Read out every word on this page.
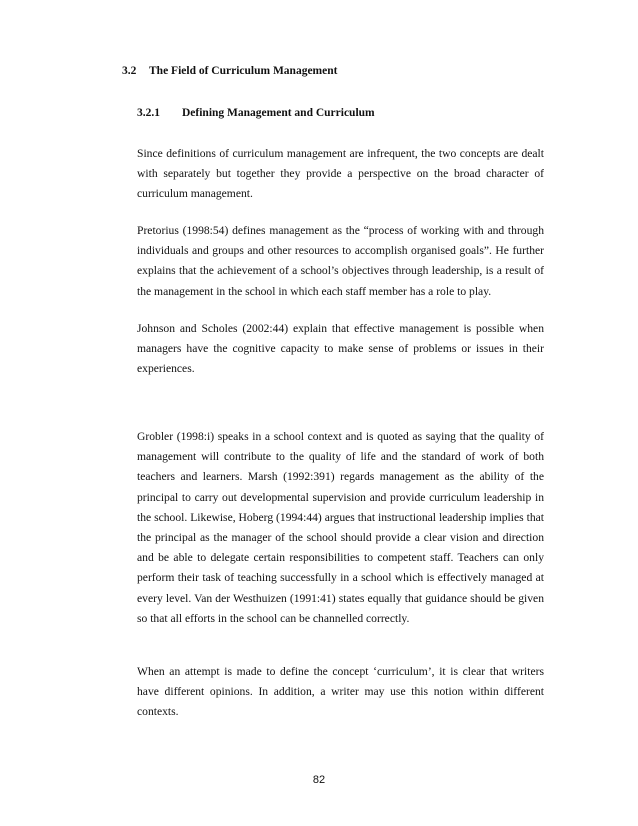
3.2 The Field of Curriculum Management
3.2.1 Defining Management and Curriculum

Since definitions of curriculum management are infrequent, the two concepts are dealt with separately but together they provide a perspective on the broad character of curriculum management.

Pretorius (1998:54) defines management as the “process of working with and through individuals and groups and other resources to accomplish organised goals”. He further explains that the achievement of a school’s objectives through leadership, is a result of the management in the school in which each staff member has a role to play.

Johnson and Scholes (2002:44) explain that effective management is possible when managers have the cognitive capacity to make sense of problems or issues in their experiences.

Grobler (1998:i) speaks in a school context and is quoted as saying that the quality of management will contribute to the quality of life and the standard of work of both teachers and learners. Marsh (1992:391) regards management as the ability of the principal to carry out developmental supervision and provide curriculum leadership in the school. Likewise, Hoberg (1994:44) argues that instructional leadership implies that the principal as the manager of the school should provide a clear vision and direction and be able to delegate certain responsibilities to competent staff. Teachers can only perform their task of teaching successfully in a school which is effectively managed at every level. Van der Westhuizen (1991:41) states equally that guidance should be given so that all efforts in the school can be channelled correctly.

When an attempt is made to define the concept ‘curriculum’, it is clear that writers have different opinions. In addition, a writer may use this notion within different contexts.

82
